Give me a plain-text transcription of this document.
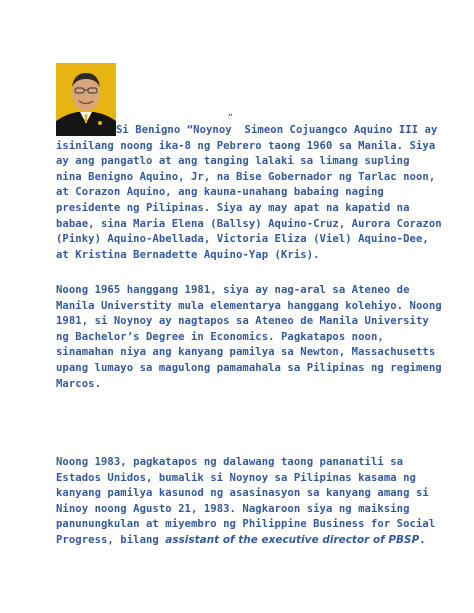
„
Si Benigno “Noynoy  Simeon Cojuangco Aquino III ay
isinilang noong ika-8 ng Pebrero taong 1960 sa Manila. Siya
ay ang pangatlo at ang tanging lalaki sa limang supling
nina Benigno Aquino, Jr, na Bise Gobernador ng Tarlac noon,
at Corazon Aquino, ang kauna-unahang babaing naging
presidente ng Pilipinas. Siya ay may apat na kapatid na
babae, sina Maria Elena (Ballsy) Aquino-Cruz, Aurora Corazon
(Pinky) Aquino-Abellada, Victoria Eliza (Viel) Aquino-Dee,
at Kristina Bernadette Aquino-Yap (Kris).
Noong 1965 hanggang 1981, siya ay nag-aral sa Ateneo de
Manila Universtity mula elementarya hanggang kolehiyo. Noong
1981, si Noynoy ay nagtapos sa Ateneo de Manila University
ng Bachelor’s Degree in Economics. Pagkatapos noon,
sinamahan niya ang kanyang pamilya sa Newton, Massachusetts
upang lumayo sa magulong pamamahala sa Pilipinas ng regimeng
Marcos.
Noong 1983, pagkatapos ng dalawang taong pananatili sa
Estados Unidos, bumalik si Noynoy sa Pilipinas kasama ng
kanyang pamilya kasunod ng asasinasyon sa kanyang amang si
Ninoy noong Agusto 21, 1983. Nagkaroon siya ng maiksing
panunungkulan at miyembro ng Philippine Business for Social
Progress, bilang assistant of the executive director of PBSP.
